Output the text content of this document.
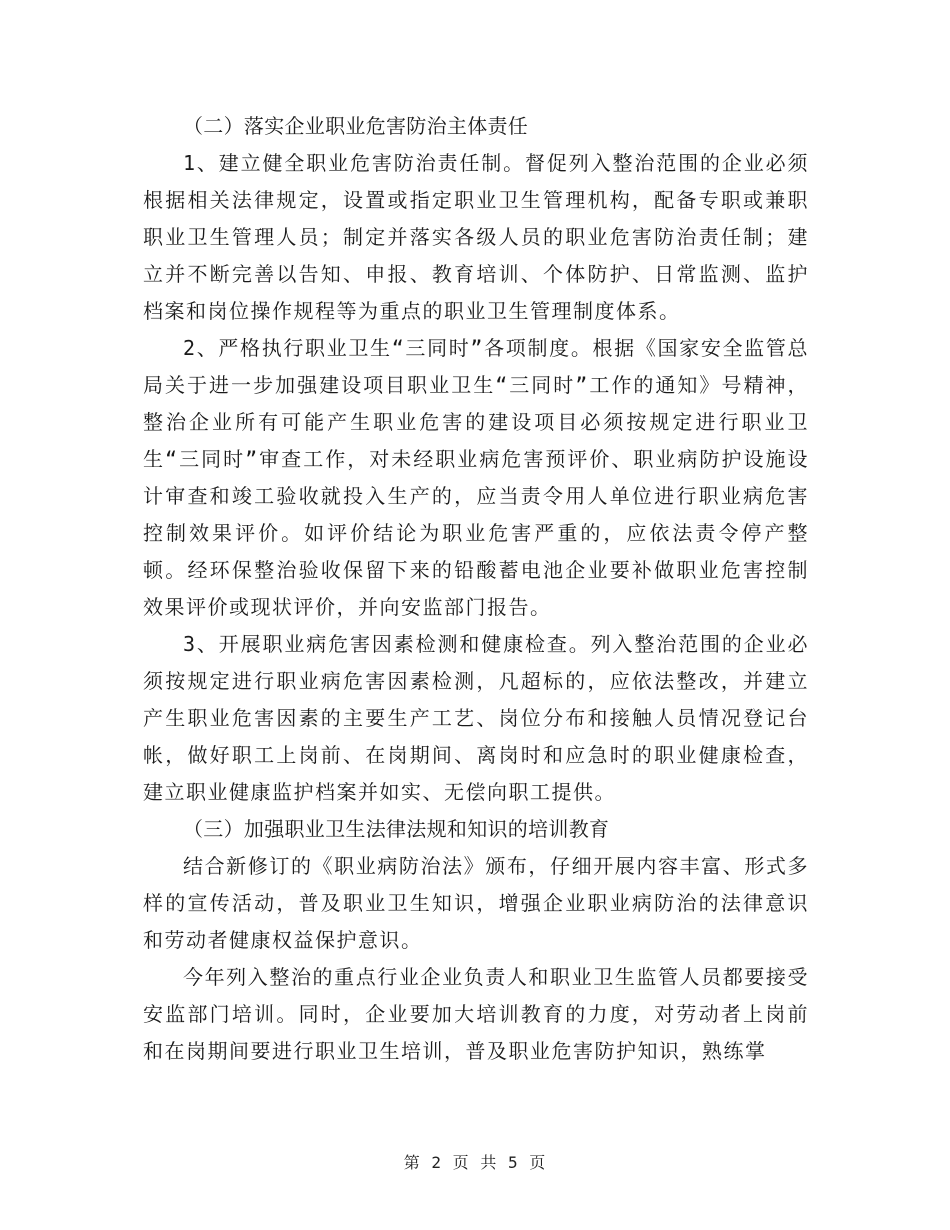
（二）落实企业职业危害防治主体责任

1、建立健全职业危害防治责任制。督促列入整治范围的企业必须根据相关法律规定，设置或指定职业卫生管理机构，配备专职或兼职职业卫生管理人员；制定并落实各级人员的职业危害防治责任制；建立并不断完善以告知、申报、教育培训、个体防护、日常监测、监护档案和岗位操作规程等为重点的职业卫生管理制度体系。

2、严格执行职业卫生“三同时”各项制度。根据《国家安全监管总局关于进一步加强建设项目职业卫生“三同时”工作的通知》号精神，整治企业所有可能产生职业危害的建设项目必须按规定进行职业卫生“三同时”审查工作，对未经职业病危害预评价、职业病防护设施设计审查和竣工验收就投入生产的，应当责令用人单位进行职业病危害控制效果评价。如评价结论为职业危害严重的，应依法责令停产整顿。经环保整治验收保留下来的铅酸蓄电池企业要补做职业危害控制效果评价或现状评价，并向安监部门报告。

3、开展职业病危害因素检测和健康检查。列入整治范围的企业必须按规定进行职业病危害因素检测，凡超标的，应依法整改，并建立产生职业危害因素的主要生产工艺、岗位分布和接触人员情况登记台帐，做好职工上岗前、在岗期间、离岗时和应急时的职业健康检查，建立职业健康监护档案并如实、无偿向职工提供。

（三）加强职业卫生法律法规和知识的培训教育

结合新修订的《职业病防治法》颁布，仔细开展内容丰富、形式多样的宣传活动，普及职业卫生知识，增强企业职业病防治的法律意识和劳动者健康权益保护意识。

今年列入整治的重点行业企业负责人和职业卫生监管人员都要接受安监部门培训。同时，企业要加大培训教育的力度，对劳动者上岗前和在岗期间要进行职业卫生培训，普及职业危害防护知识，熟练掌

第 2 页 共 5 页
